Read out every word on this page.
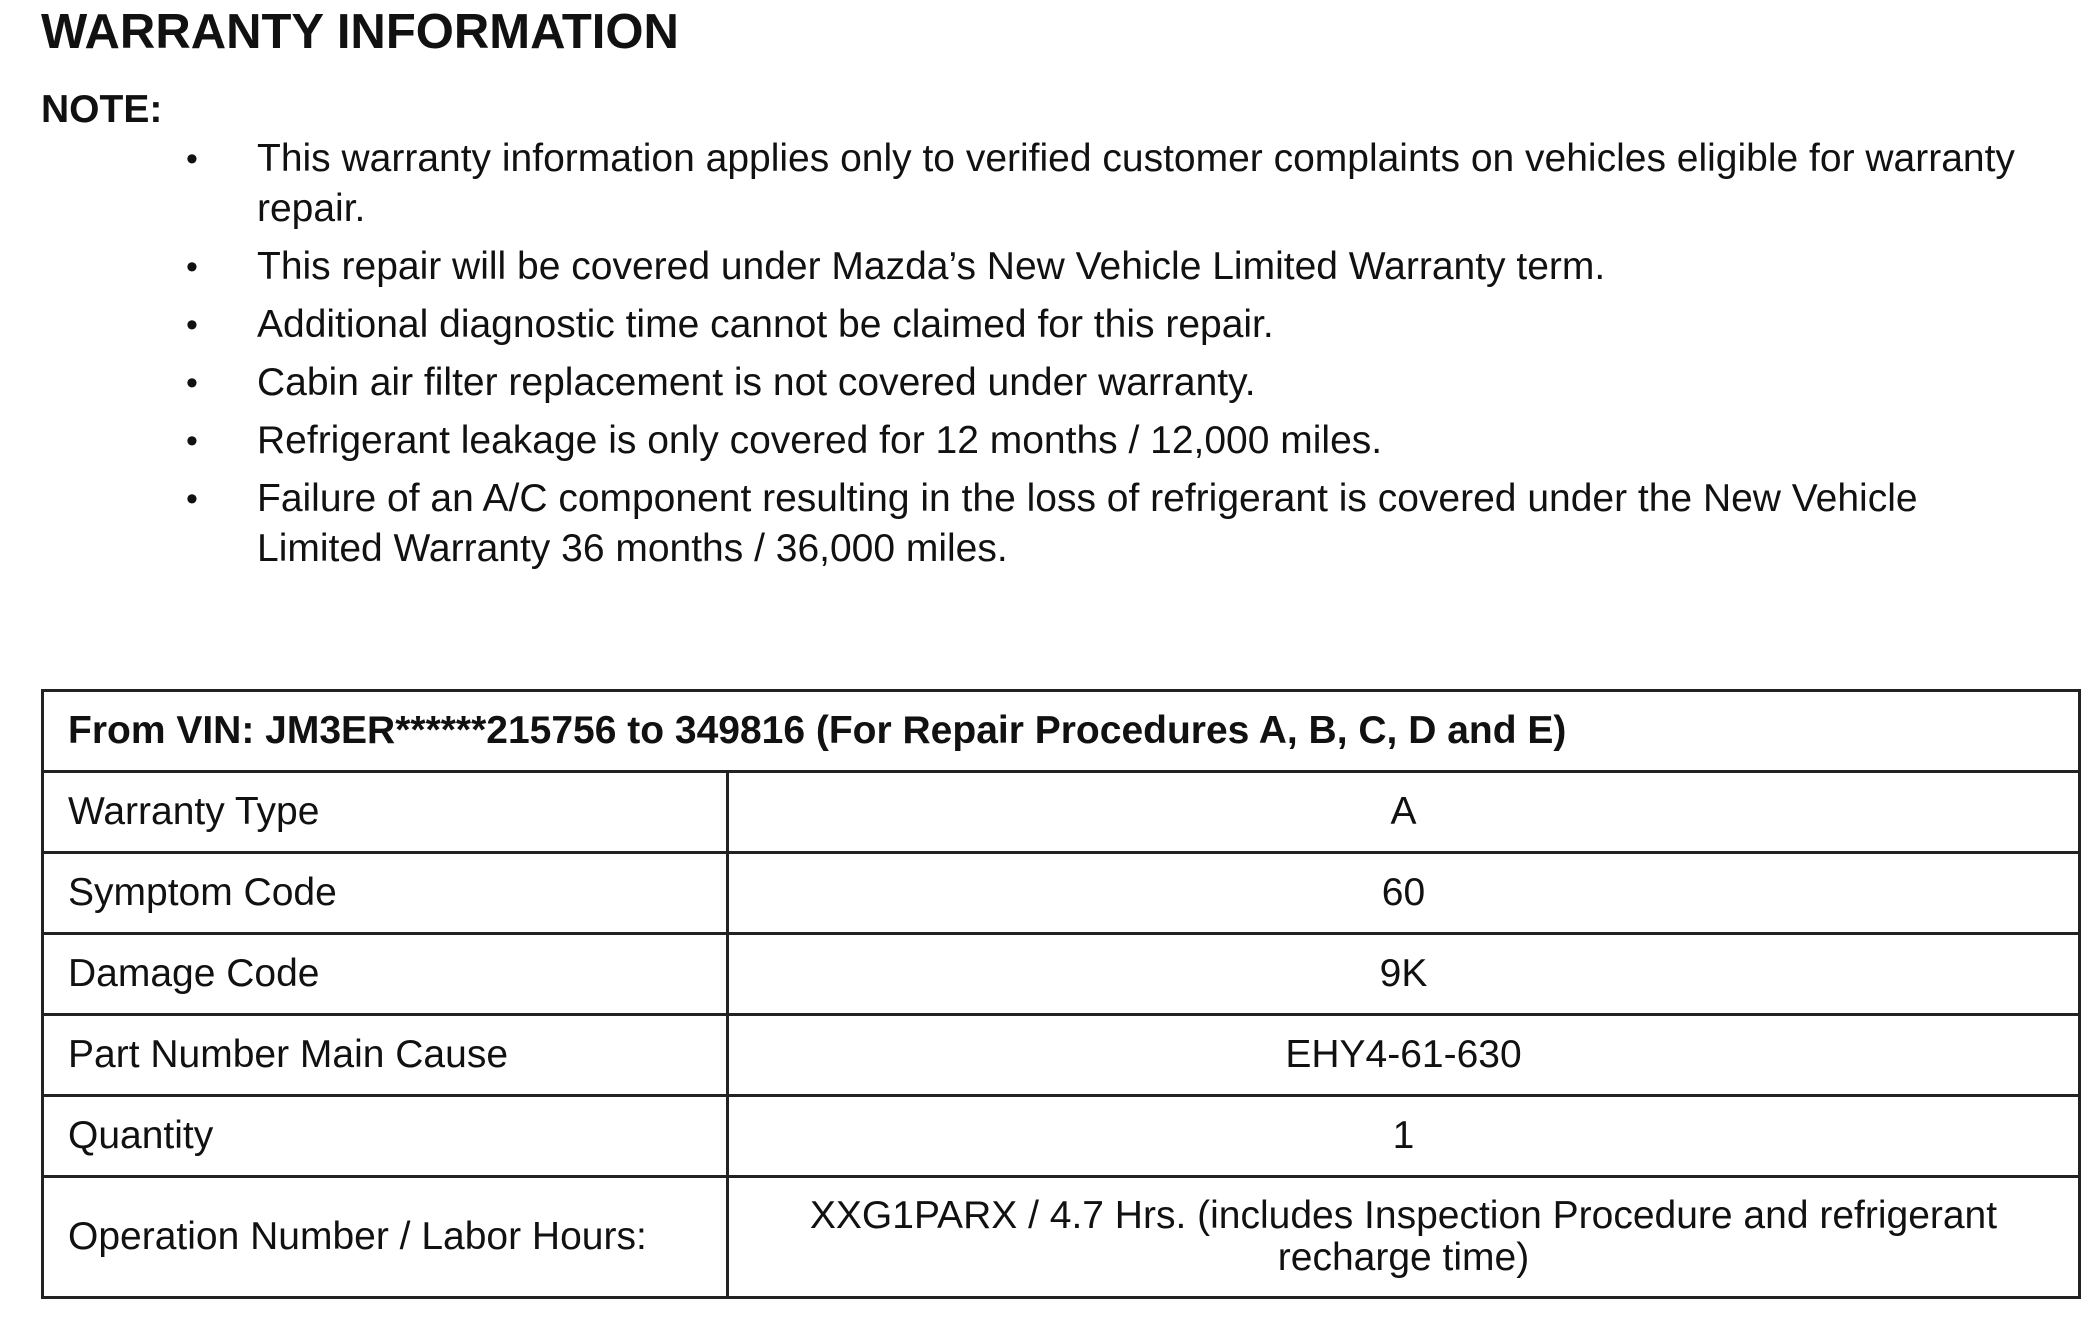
WARRANTY INFORMATION
NOTE:
• This warranty information applies only to verified customer complaints on vehicles eligible for warranty repair.
• This repair will be covered under Mazda’s New Vehicle Limited Warranty term.
• Additional diagnostic time cannot be claimed for this repair.
• Cabin air filter replacement is not covered under warranty.
• Refrigerant leakage is only covered for 12 months / 12,000 miles.
• Failure of an A/C component resulting in the loss of refrigerant is covered under the New Vehicle Limited Warranty 36 months / 36,000 miles.
From VIN: JM3ER******215756 to 349816 (For Repair Procedures A, B, C, D and E)	
Warranty Type	A
Symptom Code	60
Damage Code	9K
Part Number Main Cause	EHY4-61-630
Quantity	1
Operation Number / Labor Hours:	XXG1PARX / 4.7 Hrs. (includes Inspection Procedure and refrigerant recharge time)
